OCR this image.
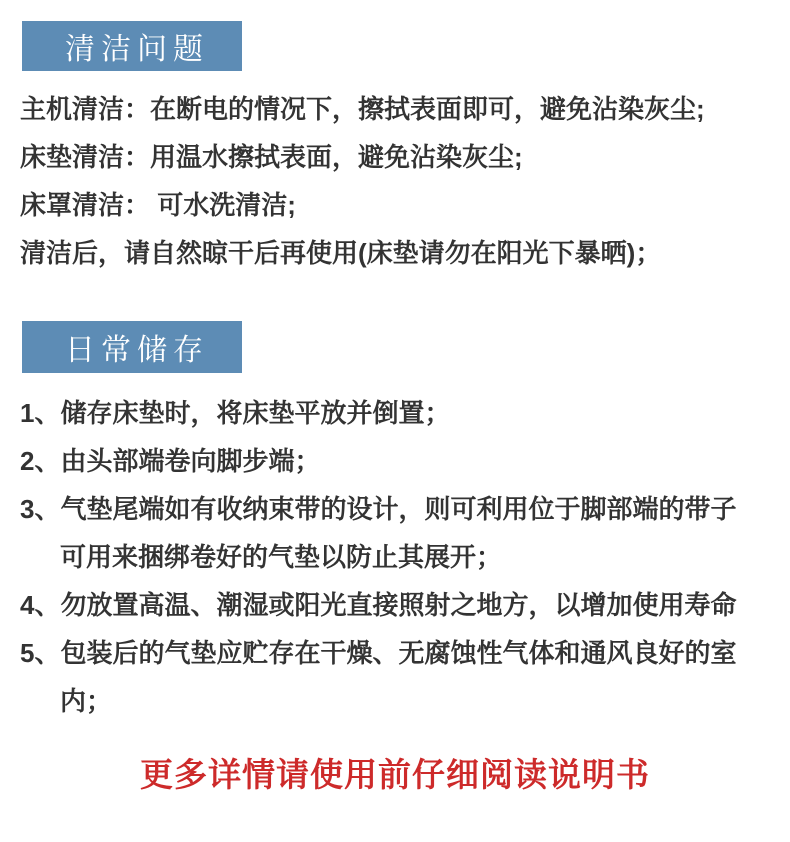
清洁问题
主机清洁：在断电的情况下，擦拭表面即可，避免沾染灰尘;
床垫清洁：用温水擦拭表面，避免沾染灰尘;
床罩清洁： 可水洗清洁;
清洁后，请自然晾干后再使用(床垫请勿在阳光下暴晒)；
日常储存
1、储存床垫时，将床垫平放并倒置；
2、由头部端卷向脚步端；
3、气垫尾端如有收纳束带的设计，则可利用位于脚部端的带子
可用来捆绑卷好的气垫以防止其展开；
4、勿放置高温、潮湿或阳光直接照射之地方，以增加使用寿命
5、包装后的气垫应贮存在干燥、无腐蚀性气体和通风良好的室
内；
更多详情请使用前仔细阅读说明书
